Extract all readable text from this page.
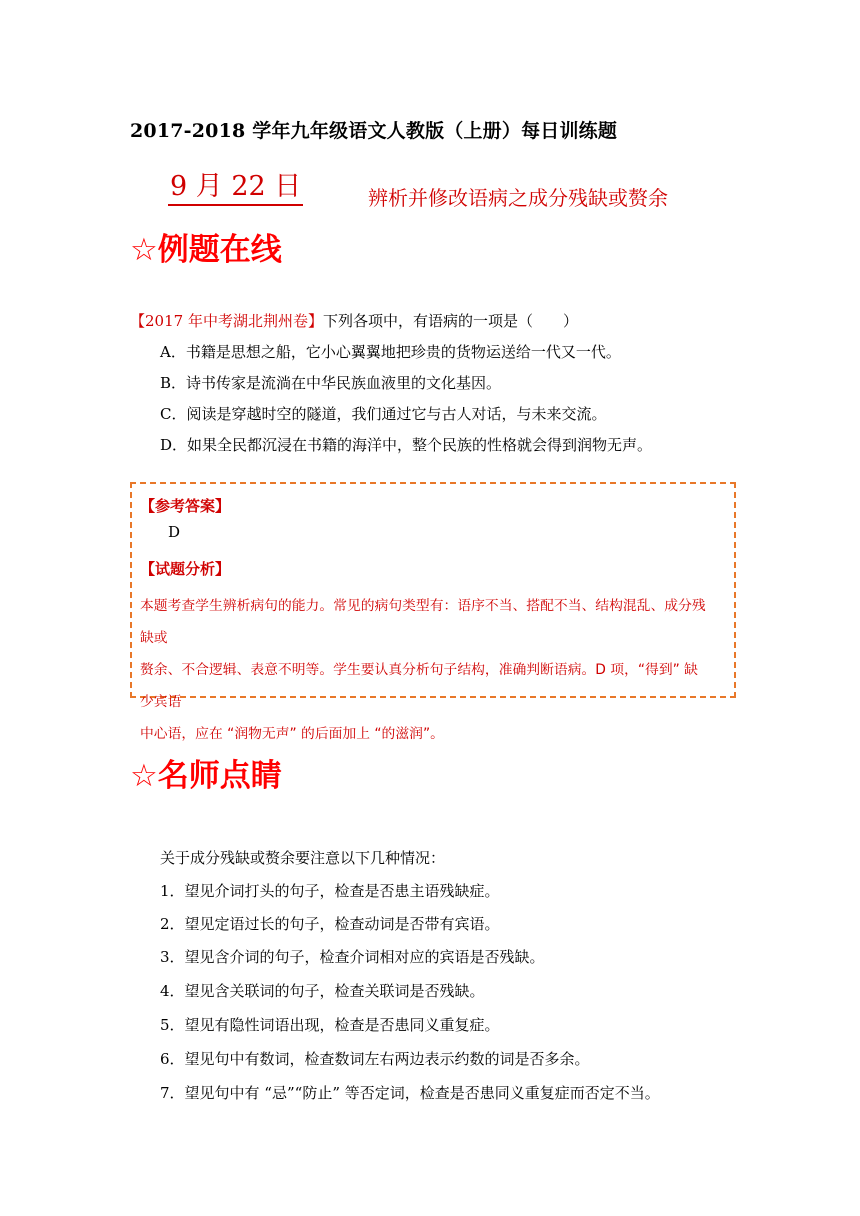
2017-2018 学年九年级语文人教版（上册）每日训练题
9 月 22 日	辨析并修改语病之成分残缺或赘余
☆例题在线
【2017 年中考湖北荆州卷】下列各项中，有语病的一项是（　　）
A．书籍是思想之船，它小心翼翼地把珍贵的货物运送给一代又一代。
B．诗书传家是流淌在中华民族血液里的文化基因。
C．阅读是穿越时空的隧道，我们通过它与古人对话，与未来交流。
D．如果全民都沉浸在书籍的海洋中，整个民族的性格就会得到润物无声。
【参考答案】
D
【试题分析】
本题考查学生辨析病句的能力。常见的病句类型有：语序不当、搭配不当、结构混乱、成分残缺或
赘余、不合逻辑、表意不明等。学生要认真分析句子结构，准确判断语病。D 项，“得到” 缺少宾语
中心语，应在 “润物无声” 的后面加上 “的滋润”。
☆名师点睛
关于成分残缺或赘余要注意以下几种情况：
1．望见介词打头的句子，检查是否患主语残缺症。
2．望见定语过长的句子，检查动词是否带有宾语。
3．望见含介词的句子，检查介词相对应的宾语是否残缺。
4．望见含关联词的句子，检查关联词是否残缺。
5．望见有隐性词语出现，检查是否患同义重复症。
6．望见句中有数词，检查数词左右两边表示约数的词是否多余。
7．望见句中有 “忌”“防止” 等否定词，检查是否患同义重复症而否定不当。
